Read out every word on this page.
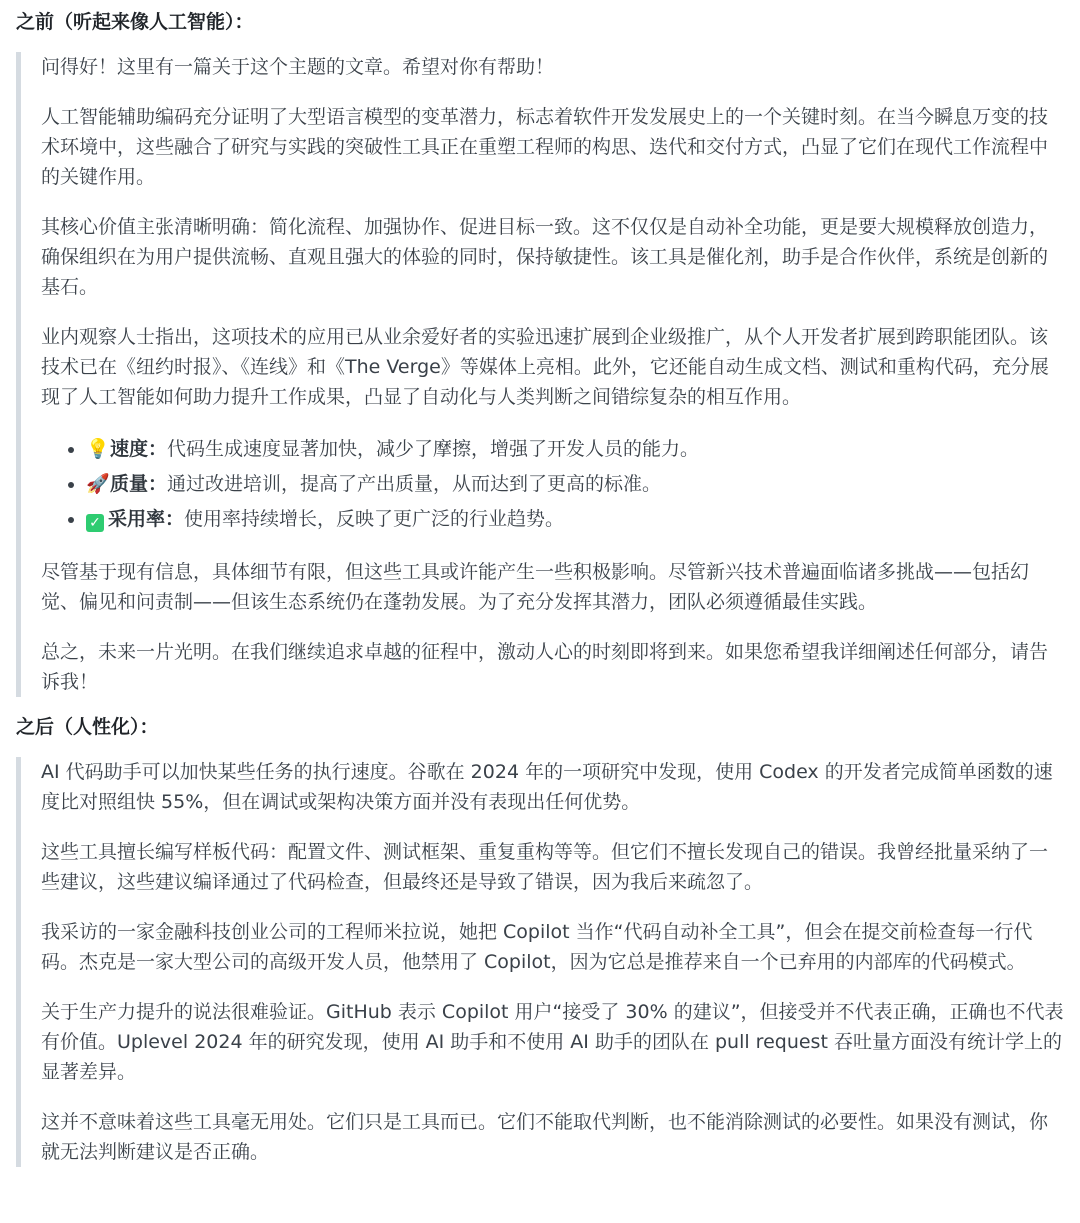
之前（听起来像人工智能）：

问得好！这里有一篇关于这个主题的文章。希望对你有帮助！

人工智能辅助编码充分证明了大型语言模型的变革潜力，标志着软件开发发展史上的一个关键时刻。在当今瞬息万变的技术环境中，这些融合了研究与实践的突破性工具正在重塑工程师的构思、迭代和交付方式，凸显了它们在现代工作流程中的关键作用。

其核心价值主张清晰明确：简化流程、加强协作、促进目标一致。这不仅仅是自动补全功能，更是要大规模释放创造力，确保组织在为用户提供流畅、直观且强大的体验的同时，保持敏捷性。该工具是催化剂，助手是合作伙伴，系统是创新的基石。

业内观察人士指出，这项技术的应用已从业余爱好者的实验迅速扩展到企业级推广，从个人开发者扩展到跨职能团队。该技术已在《纽约时报》、《连线》和《The Verge》等媒体上亮相。此外，它还能自动生成文档、测试和重构代码，充分展现了人工智能如何助力提升工作成果，凸显了自动化与人类判断之间错综复杂的相互作用。

• 💡速度：代码生成速度显著加快，减少了摩擦，增强了开发人员的能力。
• 🚀质量：通过改进培训，提高了产出质量，从而达到了更高的标准。
• ✓ 采用率：使用率持续增长，反映了更广泛的行业趋势。

尽管基于现有信息，具体细节有限，但这些工具或许能产生一些积极影响。尽管新兴技术普遍面临诸多挑战——包括幻觉、偏见和问责制——但该生态系统仍在蓬勃发展。为了充分发挥其潜力，团队必须遵循最佳实践。

总之，未来一片光明。在我们继续追求卓越的征程中，激动人心的时刻即将到来。如果您希望我详细阐述任何部分，请告诉我！

之后（人性化）：

AI 代码助手可以加快某些任务的执行速度。谷歌在 2024 年的一项研究中发现，使用 Codex 的开发者完成简单函数的速度比对照组快 55%，但在调试或架构决策方面并没有表现出任何优势。

这些工具擅长编写样板代码：配置文件、测试框架、重复重构等等。但它们不擅长发现自己的错误。我曾经批量采纳了一些建议，这些建议编译通过了代码检查，但最终还是导致了错误，因为我后来疏忽了。

我采访的一家金融科技创业公司的工程师米拉说，她把 Copilot 当作“代码自动补全工具”，但会在提交前检查每一行代码。杰克是一家大型公司的高级开发人员，他禁用了 Copilot，因为它总是推荐来自一个已弃用的内部库的代码模式。

关于生产力提升的说法很难验证。GitHub 表示 Copilot 用户“接受了 30% 的建议”，但接受并不代表正确，正确也不代表有价值。Uplevel 2024 年的研究发现，使用 AI 助手和不使用 AI 助手的团队在 pull request 吞吐量方面没有统计学上的显著差异。

这并不意味着这些工具毫无用处。它们只是工具而已。它们不能取代判断，也不能消除测试的必要性。如果没有测试，你就无法判断建议是否正确。
